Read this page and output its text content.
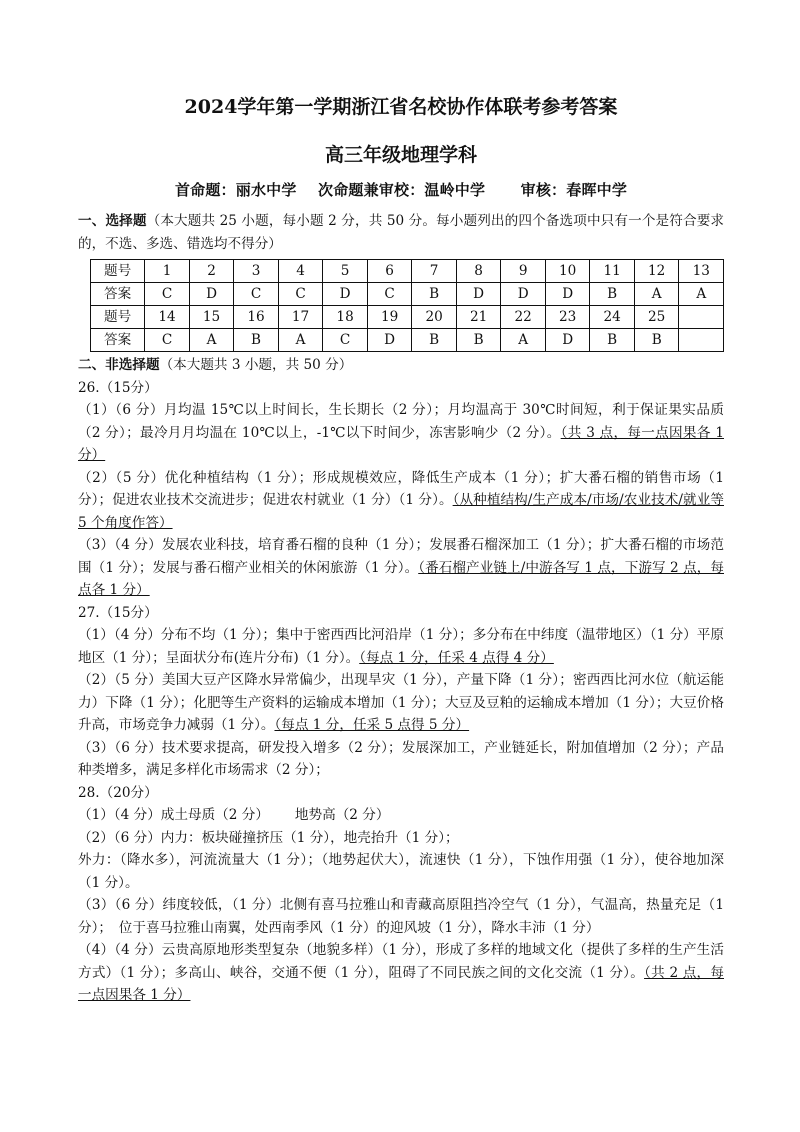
2024学年第一学期浙江省名校协作体联考参考答案
高三年级地理学科
首命题：丽水中学 次命题兼审校：温岭中学 审核：春晖中学
一、选择题（本大题共 25 小题，每小题 2 分，共 50 分。每小题列出的四个备选项中只有一个是符合要求的，不选、多选、错选均不得分）
题号	1	2	3	4	5	6	7	8	9	10	11	12	13
答案	C	D	C	C	D	C	B	D	D	D	B	A	A
题号	14	15	16	17	18	19	20	21	22	23	24	25	
答案	C	A	B	A	C	D	B	B	A	D	B	B	
二、非选择题（本大题共 3 小题，共 50 分）

26.（15分）

（1）（6 分）月均温 15℃以上时间长，生长期长（2 分）；月均温高于 30℃时间短，利于保证果实品质（2 分）；最冷月月均温在 10℃以上，-1℃以下时间少，冻害影响少（2 分）。（共 3 点，每一点因果各 1 分）

（2）（5 分）优化种植结构（1 分）；形成规模效应，降低生产成本（1 分）；扩大番石榴的销售市场（1 分）；促进农业技术交流进步；促进农村就业（1 分）（1 分）。（从种植结构/生产成本/市场/农业技术/就业等 5 个角度作答）

（3）（4 分）发展农业科技，培育番石榴的良种（1 分）；发展番石榴深加工（1 分）；扩大番石榴的市场范围（1 分）；发展与番石榴产业相关的休闲旅游（1 分）。（番石榴产业链上/中游各写 1 点，下游写 2 点，每点各 1 分）

27.（15分）

（1）（4 分）分布不均（1 分）；集中于密西西比河沿岸（1 分）；多分布在中纬度（温带地区）（1 分）平原地区（1 分）；呈面状分布(连片分布)（1 分）。（每点 1 分，任采 4 点得 4 分）

（2）（5 分）美国大豆产区降水异常偏少，出现旱灾（1 分），产量下降（1 分）；密西西比河水位（航运能力）下降（1 分）；化肥等生产资料的运输成本增加（1 分）；大豆及豆粕的运输成本增加（1 分）；大豆价格升高，市场竞争力减弱（1 分）。（每点 1 分，任采 5 点得 5 分）

（3）（6 分）技术要求提高，研发投入增多（2 分）；发展深加工，产业链延长，附加值增加（2 分）；产品种类增多，满足多样化市场需求（2 分）；

28.（20分）

（1）（4 分）成土母质（2 分） 地势高（2 分）

（2）（6 分）内力：板块碰撞挤压（1 分），地壳抬升（1 分）；

外力：（降水多），河流流量大（1 分）；（地势起伏大），流速快（1 分），下蚀作用强（1 分），使谷地加深（1 分）。

（3）（6 分）纬度较低，（1 分）北侧有喜马拉雅山和青藏高原阻挡冷空气（1 分），气温高，热量充足（1 分）；　位于喜马拉雅山南翼，处西南季风（1 分）的迎风坡（1 分），降水丰沛（1 分）

（4）（4 分）云贵高原地形类型复杂（地貌多样）（1 分），形成了多样的地域文化（提供了多样的生产生活方式）（1 分）；多高山、峡谷，交通不便（1 分），阻碍了不同民族之间的文化交流（1 分）。（共 2 点，每一点因果各 1 分）
